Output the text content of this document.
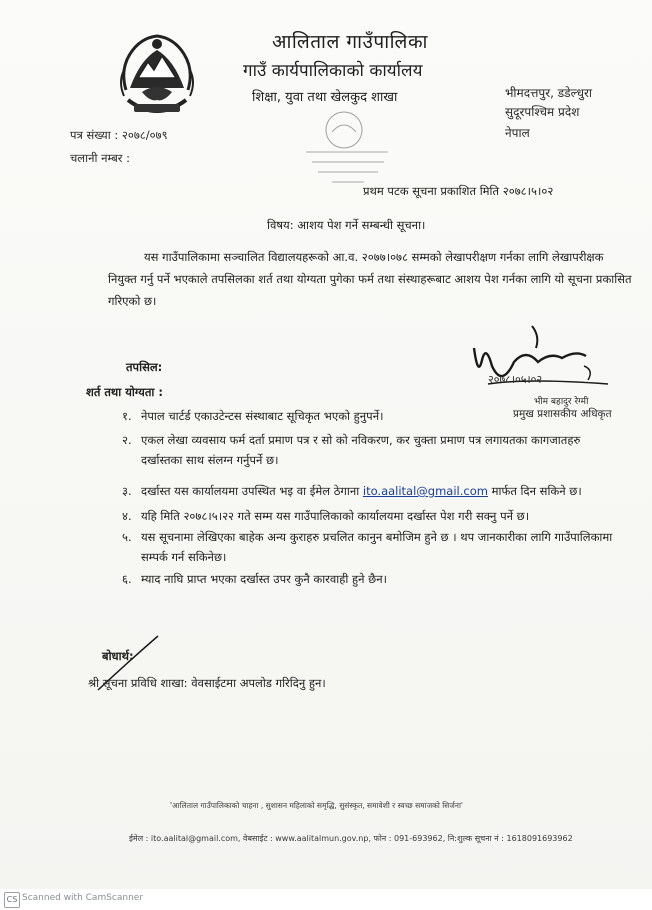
आलिताल गाउँपालिका
गाउँ कार्यपालिकाको कार्यालय
शिक्षा, युवा तथा खेलकुद शाखा	भीमदत्तपुर, डडेल्धुरा
सुदूरपश्चिम प्रदेश
नेपाल
पत्र संख्या : २०७८/०७९
चलानी नम्बर :
प्रथम पटक सूचना प्रकाशित मिति २०७८।५।०२
विषय: आशय पेश गर्ने सम्बन्धी सूचना।
यस गाउँपालिकामा सञ्चालित विद्यालयहरूको आ.व. २०७७।०७८ सम्मको लेखापरीक्षण गर्नका लागि लेखापरीक्षक नियुक्त गर्नु पर्ने भएकाले तपसिलका शर्त तथा योग्यता पुगेका फर्म तथा संस्थाहरूबाट आशय पेश गर्नका लागि यो सूचना प्रकासित गरिएको छ।
तपसिल:
शर्त तथा योग्यता :
१. नेपाल चार्टर्ड एकाउटेन्टस संस्थाबाट सूचिकृत भएको हुनुपर्ने।
२. एकल लेखा व्यवसाय फर्म दर्ता प्रमाण पत्र र सो को नविकरण, कर चुक्ता प्रमाण पत्र लगायतका कागजातहरु दर्खास्तका साथ संलग्न गर्नुपर्ने छ।
३. दर्खास्त यस कार्यालयमा उपस्थित भइ वा ईमेल ठेगाना ito.aalital@gmail.com मार्फत दिन सकिने छ।
४. यहि मिति २०७८।५।२२ गते सम्म यस गाउँपालिकाको कार्यालयमा दर्खास्त पेश गरी सक्नु पर्ने छ।
५. यस सूचनामा लेखिएका बाहेक अन्य कुराहरु प्रचलित कानुन बमोजिम हुने छ । थप जानकारीका लागि गाउँपालिकामा सम्पर्क गर्न सकिनेछ।
६. म्याद नाघि प्राप्त भएका दर्खास्त उपर कुनै कारवाही हुने छैन।
२०७८।०५।०२
भीम बहादुर रेग्मी
प्रमुख प्रशासकीय अधिकृत
बोधार्थ:
श्री सूचना प्रविधि शाखा: वेवसाईटमा अपलोड गरिदिनु हुन।
'आलिताल गाउँपालिकाको चाहना , सुशासन महिलाको समृद्धि, सुसंस्कृत, समावेशी र स्वच्छ समाजको सिर्जना'
ईमेल : ito.aalital@gmail.com, वेबसाईट : www.aalitalmun.gov.np, फोन : 091-693962, नि:शुल्क सूचना नं : 1618091693962
CS Scanned with CamScanner
